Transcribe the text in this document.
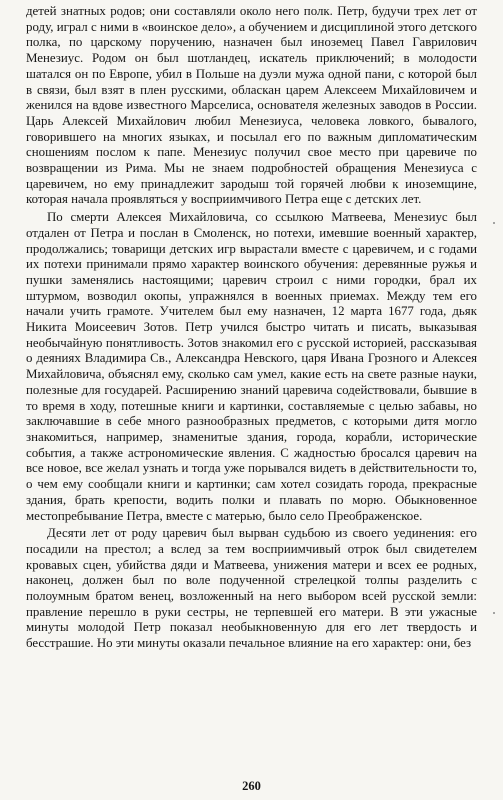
детей знатных родов; они составляли около него полк. Петр, будучи трех лет от роду, играл с ними в «воинское дело», а обучением и дисциплиной этого детского полка, по царскому поручению, назначен был иноземец Павел Гаврилович Менезиус. Родом он был шотландец, искатель приключений; в молодости шатался он по Европе, убил в Польше на дуэли мужа одной пани, с которой был в связи, был взят в плен русскими, обласкан царем Алексеем Михайловичем и женился на вдове известного Марселиса, основателя железных заводов в России. Царь Алексей Михайлович любил Менезиуса, человека ловкого, бывалого, говорившего на многих языках, и посылал его по важным дипломатическим сношениям послом к папе. Менезиус получил свое место при царевиче по возвращении из Рима. Мы не знаем подробностей обращения Менезиуса с царевичем, но ему принадлежит зародыш той горячей любви к иноземщине, которая начала проявляться у восприимчивого Петра еще с детских лет.

По смерти Алексея Михайловича, со ссылкою Матвеева, Менезиус был отдален от Петра и послан в Смоленск, но потехи, имевшие военный характер, продолжались; товарищи детских игр вырастали вместе с царевичем, и с годами их потехи принимали прямо характер воинского обучения: деревянные ружья и пушки заменялись настоящими; царевич строил с ними городки, брал их штурмом, возводил окопы, упражнялся в военных приемах. Между тем его начали учить грамоте. Учителем был ему назначен, 12 марта 1677 года, дьяк Никита Моисеевич Зотов. Петр учился быстро читать и писать, выказывая необычайную понятливость. Зотов знакомил его с русской историей, рассказывая о деяниях Владимира Св., Александра Невского, царя Ивана Грозного и Алексея Михайловича, объяснял ему, сколько сам умел, какие есть на свете разные науки, полезные для государей. Расширению знаний царевича содействовали, бывшие в то время в ходу, потешные книги и картинки, составляемые с целью забавы, но заключавшие в себе много разнообразных предметов, с которыми дитя могло знакомиться, например, знаменитые здания, города, корабли, исторические события, а также астрономические явления. С жадностью бросался царевич на все новое, все желал узнать и тогда уже порывался видеть в действительности то, о чем ему сообщали книги и картинки; сам хотел созидать города, прекрасные здания, брать крепости, водить полки и плавать по морю. Обыкновенное местопребывание Петра, вместе с матерью, было село Преображенское.

Десяти лет от роду царевич был вырван судьбою из своего уединения: его посадили на престол; а вслед за тем восприимчивый отрок был свидетелем кровавых сцен, убийства дяди и Матвеева, унижения матери и всех ее родных, наконец, должен был по воле подученной стрелецкой толпы разделить с полоумным братом венец, возложенный на него выбором всей русской земли: правление перешло в руки сестры, не терпевшей его матери. В эти ужасные минуты молодой Петр показал необыкновенную для его лет твердость и бесстрашие. Но эти минуты оказали печальное влияние на его характер: они, без

260
